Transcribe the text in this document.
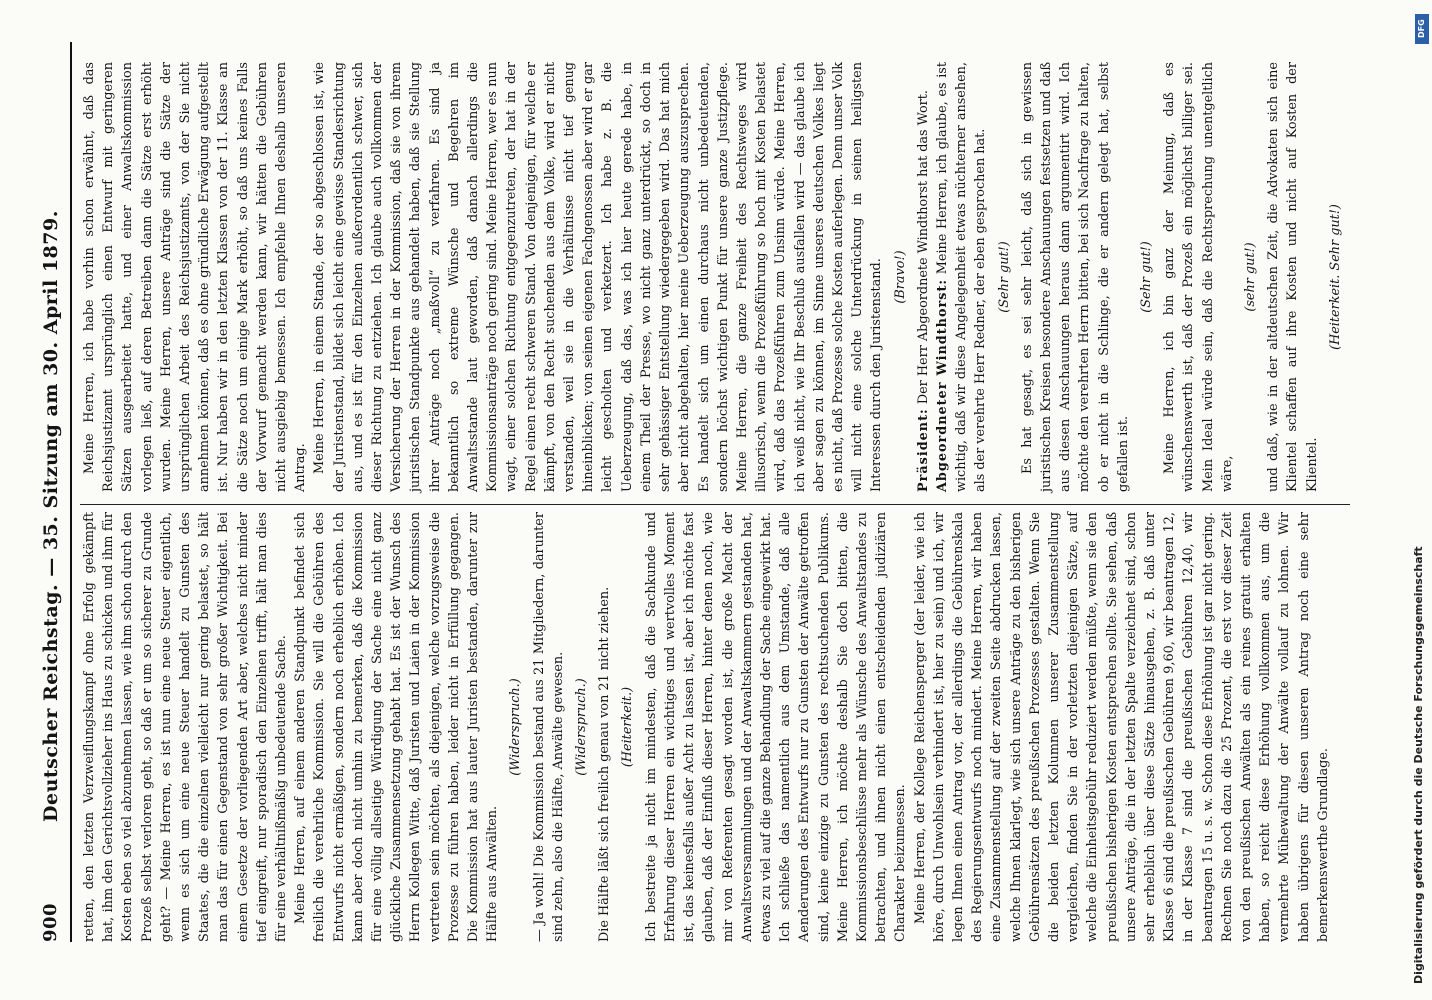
900
Deutscher Reichstag. — 35. Sitzung am 30. April 1879. retten, den letzten Verzweiflungskampf ohne Erfolg gekämpft hat, ihm den Gerichtsvollzieher ins Haus zu schicken und ihm für Kosten eben so viel abzunehmen lassen, wie ihm schon durch den Prozeß selbst verloren geht, so daß er um so sicherer zu Grunde geht? — Meine Herren, es ist nun eine neue Steuer eigentlich, wenn es sich um eine neue Steuer handelt zu Gunsten des Staates, die die einzelnen vielleicht nur gering belastet, so hält man das für einen Gegenstand von sehr großer Wichtigkeit. Bei einem Gesetze der vorliegenden Art aber, welches nicht minder tief eingreift, nur sporadisch den Einzelnen trifft, hält man dies für eine verhältnißmäßig unbedeutende Sache. Meine Herren, auf einem anderen Standpunkt befindet sich freilich die verehrliche Kommission. Sie will die Gebühren des Entwurfs nicht ermäßigen, sondern noch erheblich erhöhen. Ich kann aber doch nicht umhin zu bemerken, daß die Kommission für eine völlig allseitige Würdigung der Sache eine nicht ganz glückliche Zusammensetzung gehabt hat. Es ist der Wunsch des Herrn Kollegen Witte, daß Juristen und Laien in der Kommission vertreten sein möchten, als diejenigen, welche vorzugsweise die Prozesse zu führen haben, leider nicht in Erfüllung gegangen. Die Kommission hat aus lauter Juristen bestanden, darunter zur Hälfte aus Anwälten.

(Widerspruch.) — Ja wohl! Die Kommission bestand aus 21 Mitgliedern, darunter sind zehn, also die Hälfte, Anwälte gewesen. (Widerspruch.) Die Hälfte läßt sich freilich genau von 21 nicht ziehen. (Heiterkeit.) Ich bestreite ja nicht im mindesten, daß die Sachkunde und Erfahrung dieser Herren ein wichtiges und wertvolles Moment ist, das keinesfalls außer Acht zu lassen ist, aber ich möchte fast glauben, daß der Einfluß dieser Herren, hinter denen noch, wie mir von Referenten gesagt worden ist, die große Macht der Anwaltsversammlungen und der Anwaltskammern gestanden hat, etwas zu viel auf die ganze Behandlung der Sache eingewirkt hat. Ich schließe das namentlich aus dem Umstande, daß alle Aenderungen des Entwurfs nur zu Gunsten der Anwälte getroffen sind, keine einzige zu Gunsten des rechtsuchenden Publikums. Meine Herren, ich möchte deshalb Sie doch bitten, die Kommissionsbeschlüsse mehr als Wünsche des Anwaltstandes zu betrachten, und ihnen nicht einen entscheidenden judiziären Charakter beizumessen. Meine Herren, der Kollege Reichensperger (der leider, wie ich höre, durch Unwohlsein verhindert ist, hier zu sein) und ich, wir legen Ihnen einen Antrag vor, der allerdings die Gebührenskala des Regierungsentwurfs noch mindert. Meine Herren, wir haben eine Zusammenstellung auf der zweiten Seite abdrucken lassen, welche Ihnen klarlegt, wie sich unsere Anträge zu den bisherigen Gebührensätzen des preußischen Prozesses gestalten. Wenn Sie die beiden letzten Kolumnen unserer Zusammenstellung vergleichen, finden Sie in der vorletzten diejenigen Sätze, auf welche die Einheitsgebühr reduziert werden müßte, wenn sie den preußischen bisherigen Kosten entsprechen sollte. Sie sehen, daß unsere Anträge, die in der letzten Spalte verzeichnet sind, schon sehr erheblich über diese Sätze hinausgehen, z. B. daß unter Klasse 6 sind die preußischen Gebühren 9,60, wir beantragen 12, in der Klasse 7 sind die preußischen Gebühren 12,40, wir beantragen 15 u. s. w. Schon diese Erhöhung ist gar nicht gering. Rechnen Sie noch dazu die 25 Prozent, die erst vor dieser Zeit von den preußischen Anwälten als ein reines gratuit erhalten haben, so reicht diese Erhöhung vollkommen aus, um die vermehrte Mühewaltung der Anwälte vollauf zu lohnen. Wir haben übrigens für diesen unseren Antrag noch eine sehr bemerkenswerthe Grundlage.

Meine Herren, ich habe vorhin schon erwähnt, daß das Reichsjustizamt ursprünglich einen Entwurf mit geringeren Sätzen ausgearbeitet hatte, und einer Anwaltskommission vorlegen ließ, auf deren Betreiben dann die Sätze erst erhöht wurden. Meine Herren, unsere Anträge sind die Sätze der ursprünglichen Arbeit des Reichsjustizamts, von der Sie nicht annehmen können, daß es ohne gründliche Erwägung aufgestellt ist. Nur haben wir in den letzten Klassen von der 11. Klasse an die Sätze noch um einige Mark erhöht, so daß uns keines Falls der Vorwurf gemacht werden kann, wir hätten die Gebühren nicht ausgiebig bemessen. Ich empfehle Ihnen deshalb unseren Antrag. Meine Herren, in einem Stande, der so abgeschlossen ist, wie der Juristenstand, bildet sich leicht eine gewisse Standesrichtung aus, und es ist für den Einzelnen außerordentlich schwer, sich dieser Richtung zu entziehen. Ich glaube auch vollkommen der Versicherung der Herren in der Kommission, daß sie von ihrem juristischen Standpunkte aus gehandelt haben, daß sie Stellung ihrer Anträge noch „maßvoll“ zu verfahren. Es sind ja bekanntlich so extreme Wünsche und Begehren im Anwaltsstande laut geworden, daß danach allerdings die Kommissionsanträge noch gering sind. Meine Herren, wer es nun wagt, einer solchen Richtung entgegenzutreten, der hat in der Regel einen recht schweren Stand. Von denjenigen, für welche er kämpft, von den Recht suchenden aus dem Volke, wird er nicht verstanden, weil sie in die Verhältnisse nicht tief genug hineinblicken; von seinen eigenen Fachgenossen aber wird er gar leicht gescholten und verketzert. Ich habe z. B. die Ueberzeugung, daß das, was ich hier heute gerede habe, in einem Theil der Presse, wo nicht ganz unterdrückt, so doch in sehr gehässiger Entstellung wiedergegeben wird. Das hat mich aber nicht abgehalten, hier meine Ueberzeugung auszusprechen. Es handelt sich um einen durchaus nicht unbedeutenden, sondern höchst wichtigen Punkt für unsere ganze Justizpflege. Meine Herren, die ganze Freiheit des Rechtsweges wird illusorisch, wenn die Prozeßführung so hoch mit Kosten belastet wird, daß das Prozeßführen zum Unsinn würde. Meine Herren, ich weiß nicht, wie Ihr Beschluß ausfallen wird — das glaube ich aber sagen zu können, im Sinne unseres deutschen Volkes liegt es nicht, daß Prozesse solche Kosten auferlegen. Denn unser Volk will nicht eine solche Unterdrückung in seinen heiligsten Interessen durch den Juristenstand. (Bravo!)

Präsident: Der Herr Abgeordnete Windthorst hat das Wort. Abgeordneter Windthorst: Meine Herren, ich glaube, es ist wichtig, daß wir diese Angelegenheit etwas nüchterner ansehen, als der verehrte Herr Redner, der eben gesprochen hat. (Sehr gut!) Es hat gesagt, es sei sehr leicht, daß sich in gewissen juristischen Kreisen besondere Anschauungen festsetzen und daß aus diesen Anschauungen heraus dann argumentirt wird. Ich möchte den verehrten Herrn bitten, bei sich Nachfrage zu halten, ob er nicht in die Schlinge, die er andern gelegt hat, selbst gefallen ist.

(Sehr gut!) Meine Herren, ich bin ganz der Meinung, daß es wünschenswerth ist, daß der Prozeß ein möglichst billiger sei. Mein Ideal würde sein, daß die Rechtsprechung unentgeltlich wäre,

(sehr gut!) und daß, wie in der altdeutschen Zeit, die Advokaten sich eine Klientel schaffen auf ihre Kosten und nicht auf Kosten der Klientel.

(Heiterkeit. Sehr gut!)

DFG
Digitalisierung gefördert durch die Deutsche Forschungsgemeinschaft
